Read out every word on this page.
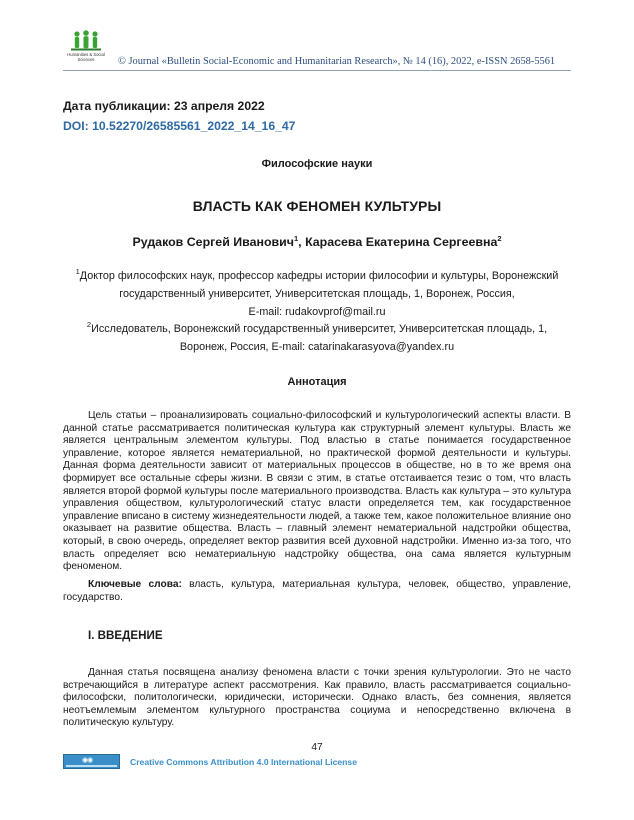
Humanities & Social Sciences	© Journal «Bulletin Social-Economic and Humanitarian Research», № 14 (16), 2022, e-ISSN 2658-5561
Дата публикации: 23 апреля 2022
DOI: 10.52270/26585561_2022_14_16_47
Философские науки
ВЛАСТЬ КАК ФЕНОМЕН КУЛЬТУРЫ
Рудаков Сергей Иванович$^1$, Карасева Екатерина Сергеевна$^2$
$^1$Доктор философских наук, профессор кафедры истории философии и культуры, Воронежский
государственный университет, Университетская площадь, 1, Воронеж, Россия,
E-mail: rudakovprof@mail.ru
$^2$Исследователь, Воронежский государственный университет, Университетская площадь, 1,
Воронеж, Россия, E-mail: catarinakarasyova@yandex.ru
Аннотация
Цель статьи – проанализировать социально-философский и культурологический аспекты власти. В данной статье рассматривается политическая культура как структурный элемент культуры. Власть же является центральным элементом культуры. Под властью в статье понимается государственное управление, которое является нематериальной, но практической формой деятельности и культуры. Данная форма деятельности зависит от материальных процессов в обществе, но в то же время она формирует все остальные сферы жизни. В связи с этим, в статье отстаивается тезис о том, что власть является второй формой культуры после материального производства. Власть как культура – это культура управления обществом, культурологический статус власти определяется тем, как государственное управление вписано в систему жизнедеятельности людей, а также тем, какое положительное влияние оно оказывает на развитие общества. Власть – главный элемент нематериальной надстройки общества, который, в свою очередь, определяет вектор развития всей духовной надстройки. Именно из-за того, что власть определяет всю нематериальную надстройку общества, она сама является культурным феноменом.
Ключевые слова: власть, культура, материальная культура, человек, общество, управление, государство.
I. ВВЕДЕНИЕ
Данная статья посвящена анализу феномена власти с точки зрения культурологии. Это не часто встречающийся в литературе аспект рассмотрения. Как правило, власть рассматривается социально-философски, политологически, юридически, исторически. Однако власть, без сомнения, является неотъемлемым элементом культурного пространства социума и непосредственно включена в политическую культуру.
47
◉◉	Creative Commons Attribution 4.0 International License
